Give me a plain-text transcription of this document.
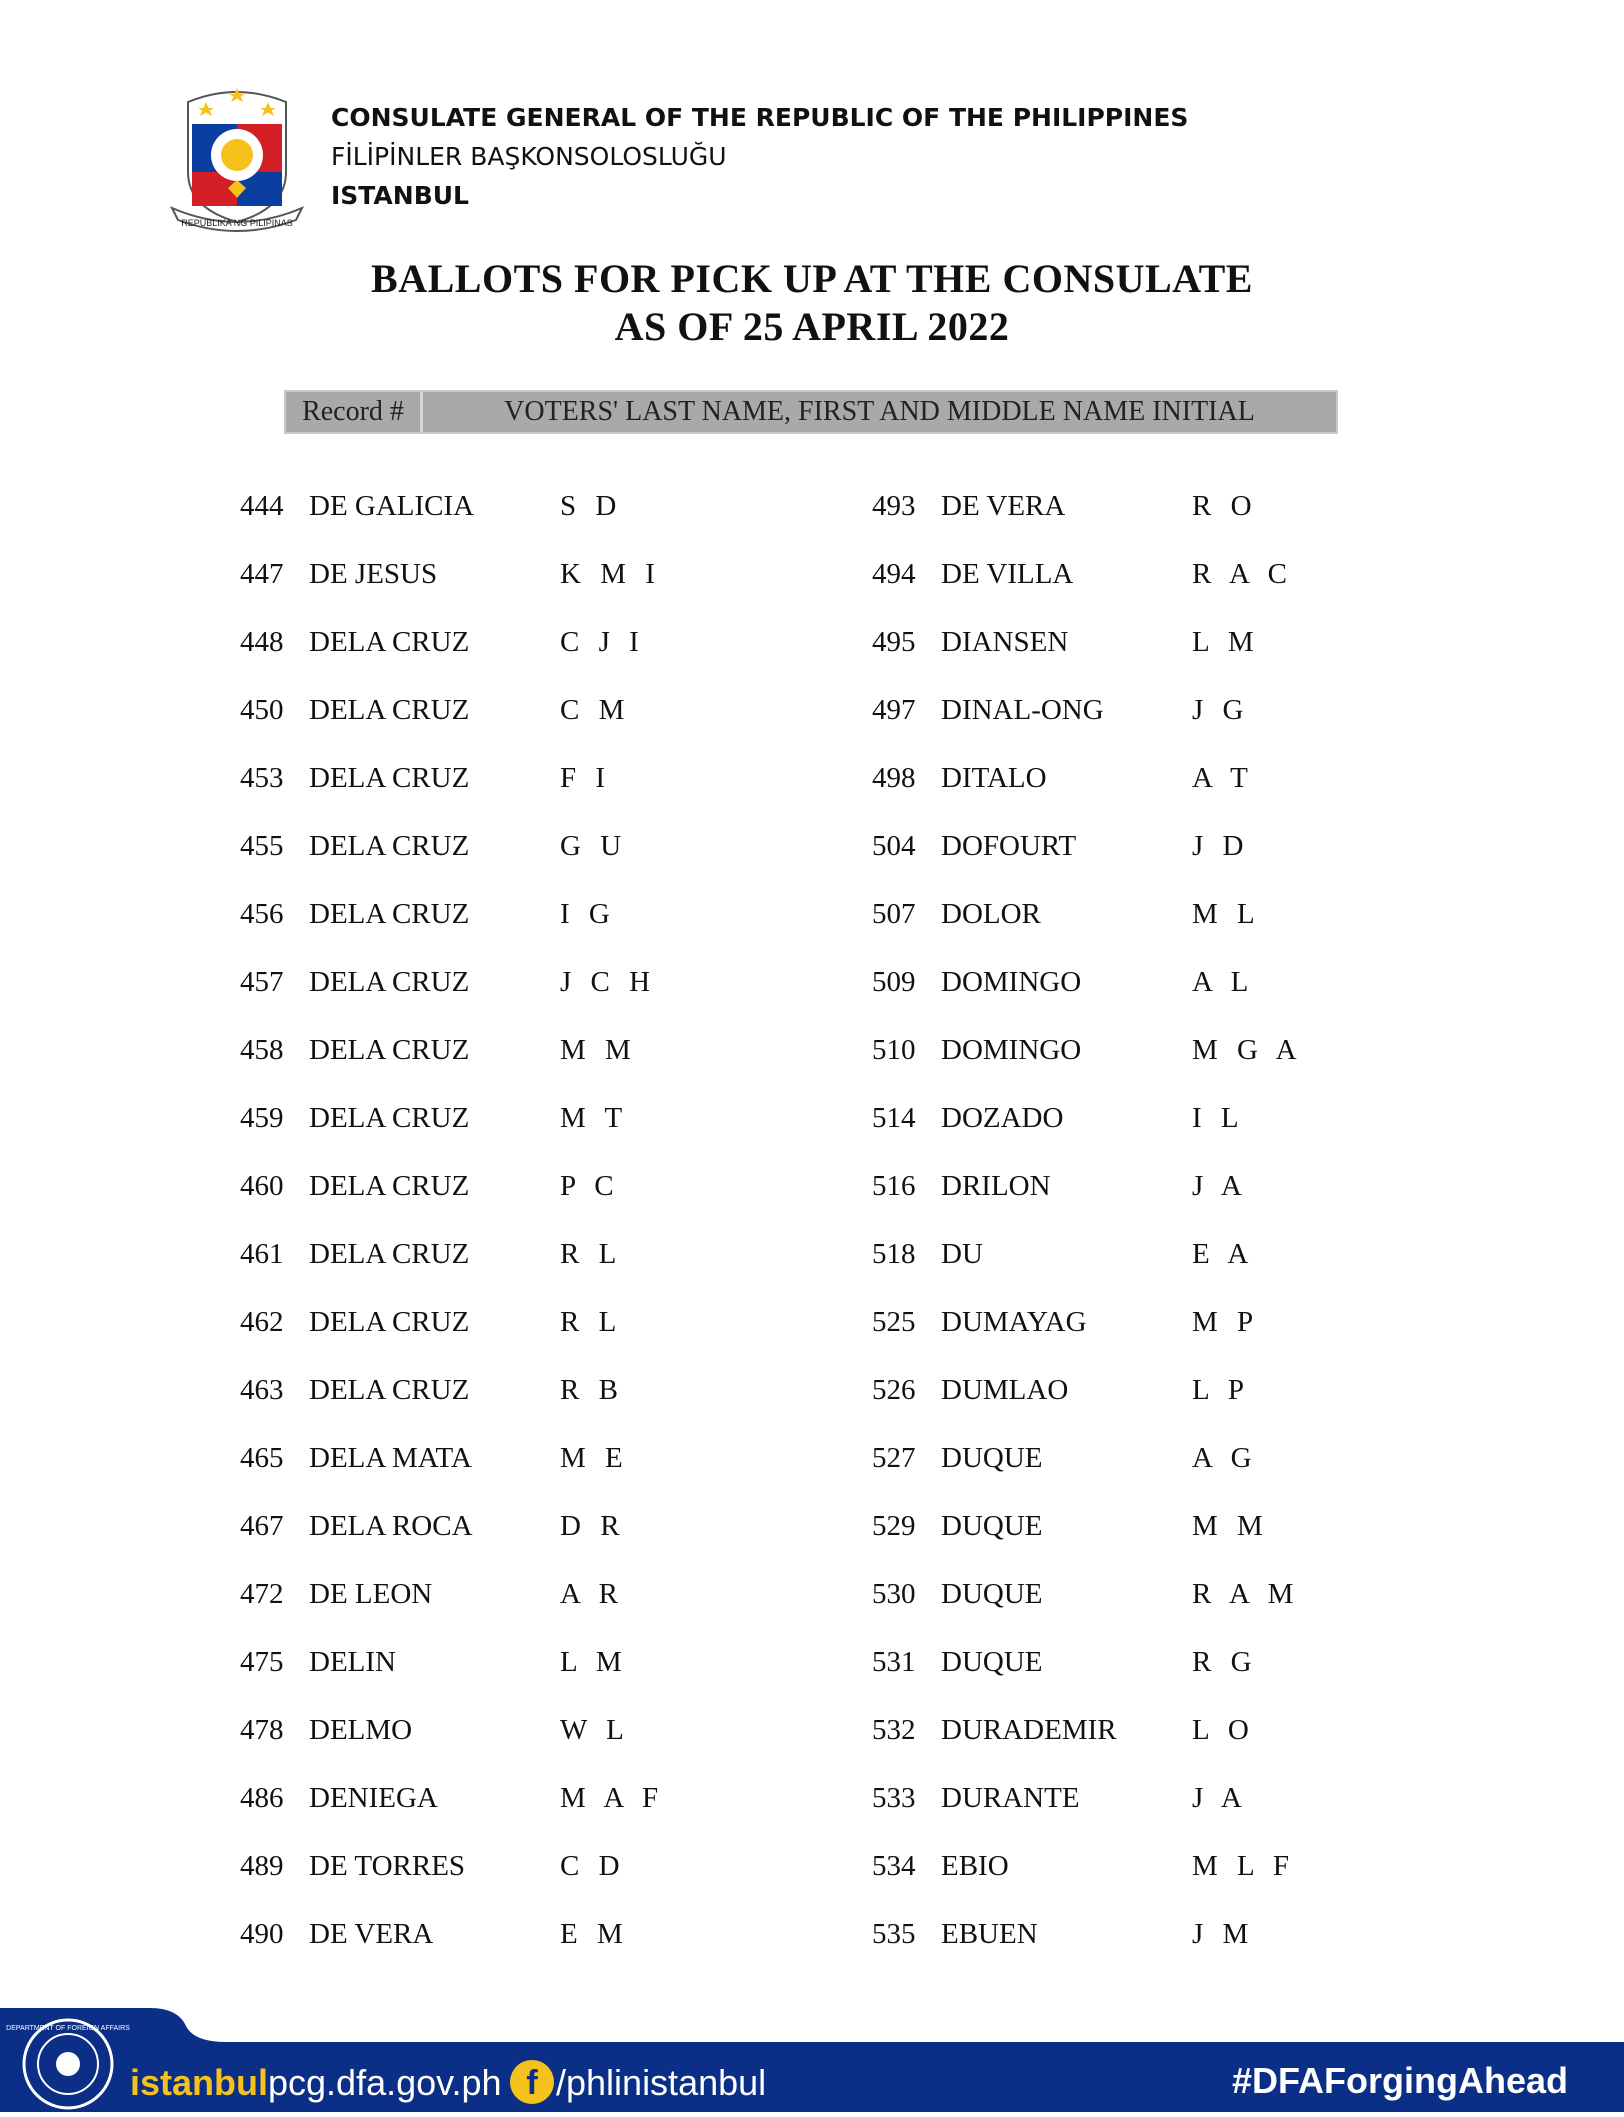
REPUBLIKA NG PILIPINAS
CONSULATE GENERAL OF THE REPUBLIC OF THE PHILIPPINES
FİLİPİNLER BAŞKONSOLOSLUĞU
ISTANBUL
BALLOTS FOR PICK UP AT THE CONSULATE
AS OF 25 APRIL 2022
Record #	VOTERS' LAST NAME, FIRST AND MIDDLE NAME INITIAL
444 DE GALICIA	S D
447 DE JESUS	K M I
448 DELA CRUZ	C J I
450 DELA CRUZ	C M
453 DELA CRUZ	F I
455 DELA CRUZ	G U
456 DELA CRUZ	I G
457 DELA CRUZ	J C H
458 DELA CRUZ	M M
459 DELA CRUZ	M T
460 DELA CRUZ	P C
461 DELA CRUZ	R L
462 DELA CRUZ	R L
463 DELA CRUZ	R B
465 DELA MATA	M E
467 DELA ROCA	D R
472 DE LEON	A R
475 DELIN	L M
478 DELMO	W L
486 DENIEGA	M A F
489 DE TORRES	C D
490 DE VERA	E M
493 DE VERA	R O
494 DE VILLA	R A C
495 DIANSEN	L M
497 DINAL-ONG	J G
498 DITALO	A T
504 DOFOURT	J D
507 DOLOR	M L
509 DOMINGO	A L
510 DOMINGO	M G A
514 DOZADO	I L
516 DRILON	J A
518 DU	E A
525 DUMAYAG	M P
526 DUMLAO	L P
527 DUQUE	A G
529 DUQUE	M M
530 DUQUE	R A M
531 DUQUE	R G
532 DURADEMIR	L O
533 DURANTE	J A
534 EBIO	M L F
535 EBUEN	J M
DEPARTMENT OF FOREIGN AFFAIRS
istanbulpcg.dfa.gov.ph f /phlinistanbul	#DFAForgingAhead
